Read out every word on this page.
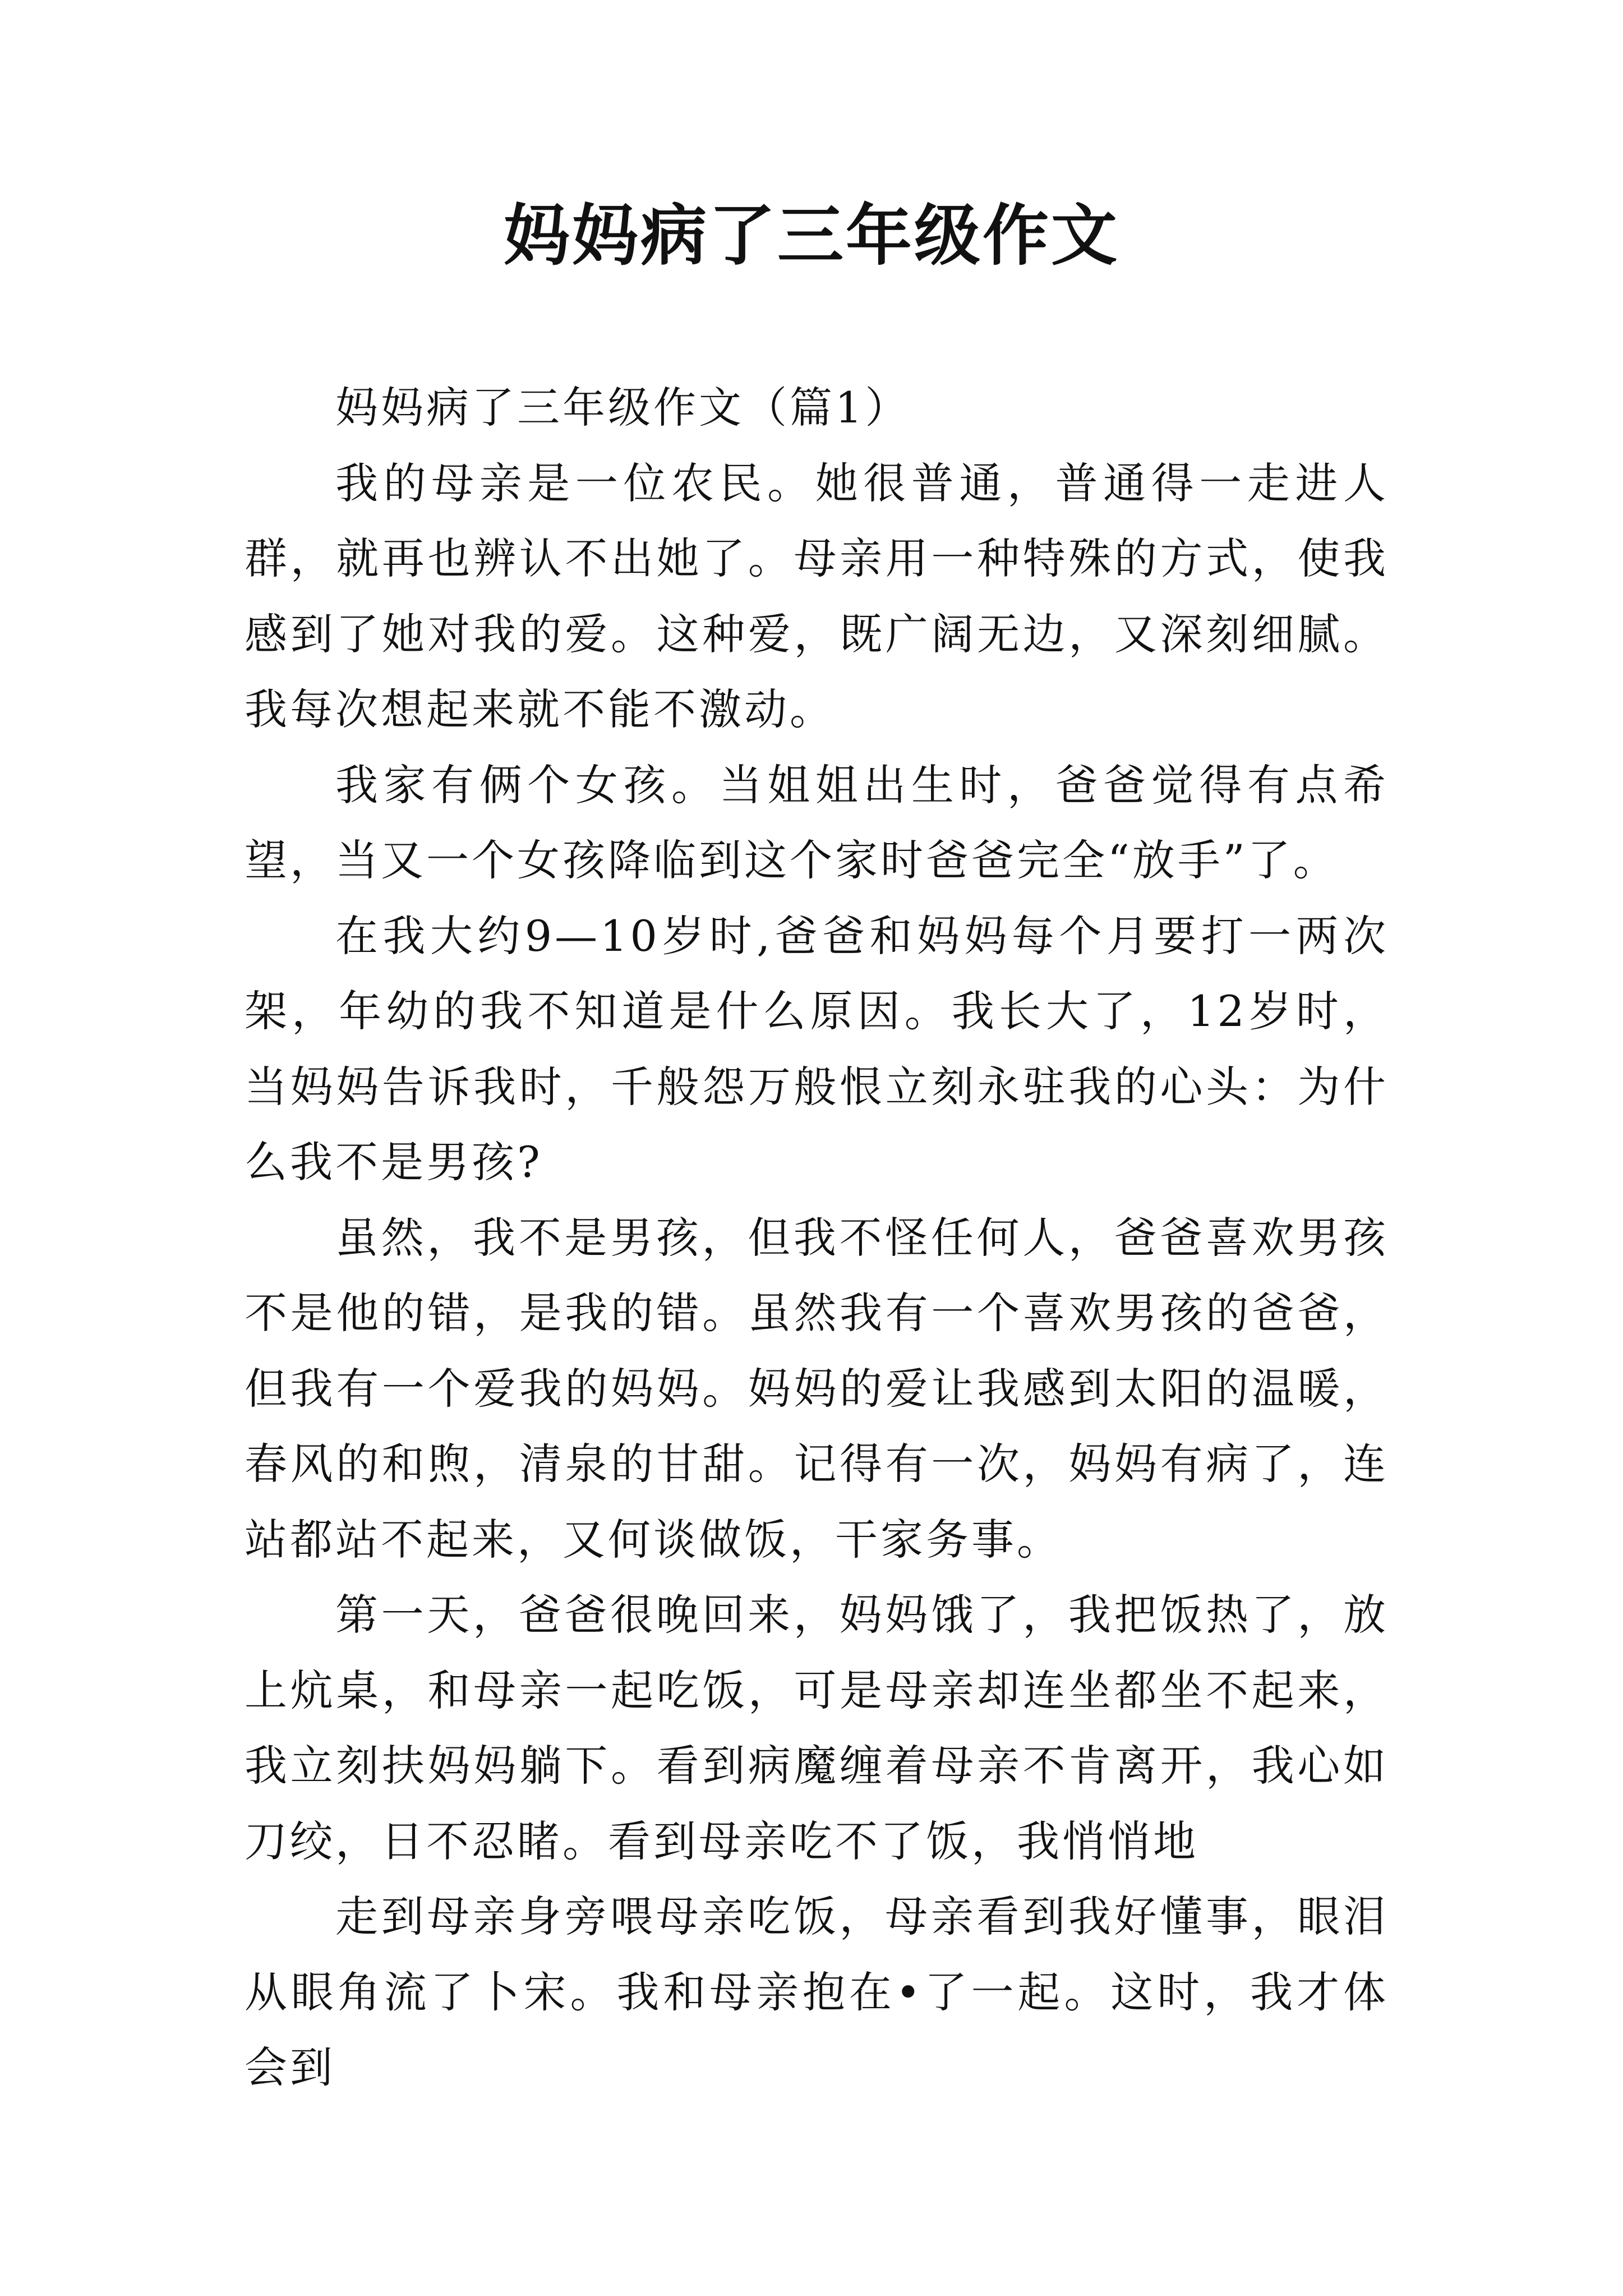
妈妈病了三年级作文

妈妈病了三年级作文（篇1）

我的母亲是一位农民。她很普通，普通得一走进人群，就再也辨认不出她了。母亲用一种特殊的方式，使我感到了她对我的爱。这种爱，既广阔无边，又深刻细腻。我每次想起来就不能不激动。

我家有俩个女孩。当姐姐出生时，爸爸觉得有点希望，当又一个女孩降临到这个家时爸爸完全“放手”了。

在我大约9—10岁时,爸爸和妈妈每个月要打一两次架，年幼的我不知道是什么原因。我长大了，12岁时，当妈妈告诉我时，千般怨万般恨立刻永驻我的心头：为什么我不是男孩?

虽然，我不是男孩，但我不怪任何人，爸爸喜欢男孩不是他的错，是我的错。虽然我有一个喜欢男孩的爸爸，但我有一个爱我的妈妈。妈妈的爱让我感到太阳的温暖，春风的和煦，清泉的甘甜。记得有一次，妈妈有病了，连站都站不起来，又何谈做饭，干家务事。

第一天，爸爸很晚回来，妈妈饿了，我把饭热了，放上炕桌，和母亲一起吃饭，可是母亲却连坐都坐不起来，我立刻扶妈妈躺下。看到病魔缠着母亲不肯离开，我心如刀绞，日不忍睹。看到母亲吃不了饭，我悄悄地

走到母亲身旁喂母亲吃饭，母亲看到我好懂事，眼泪从眼角流了卜宋。我和母亲抱在•了一起。这时，我才体会到
